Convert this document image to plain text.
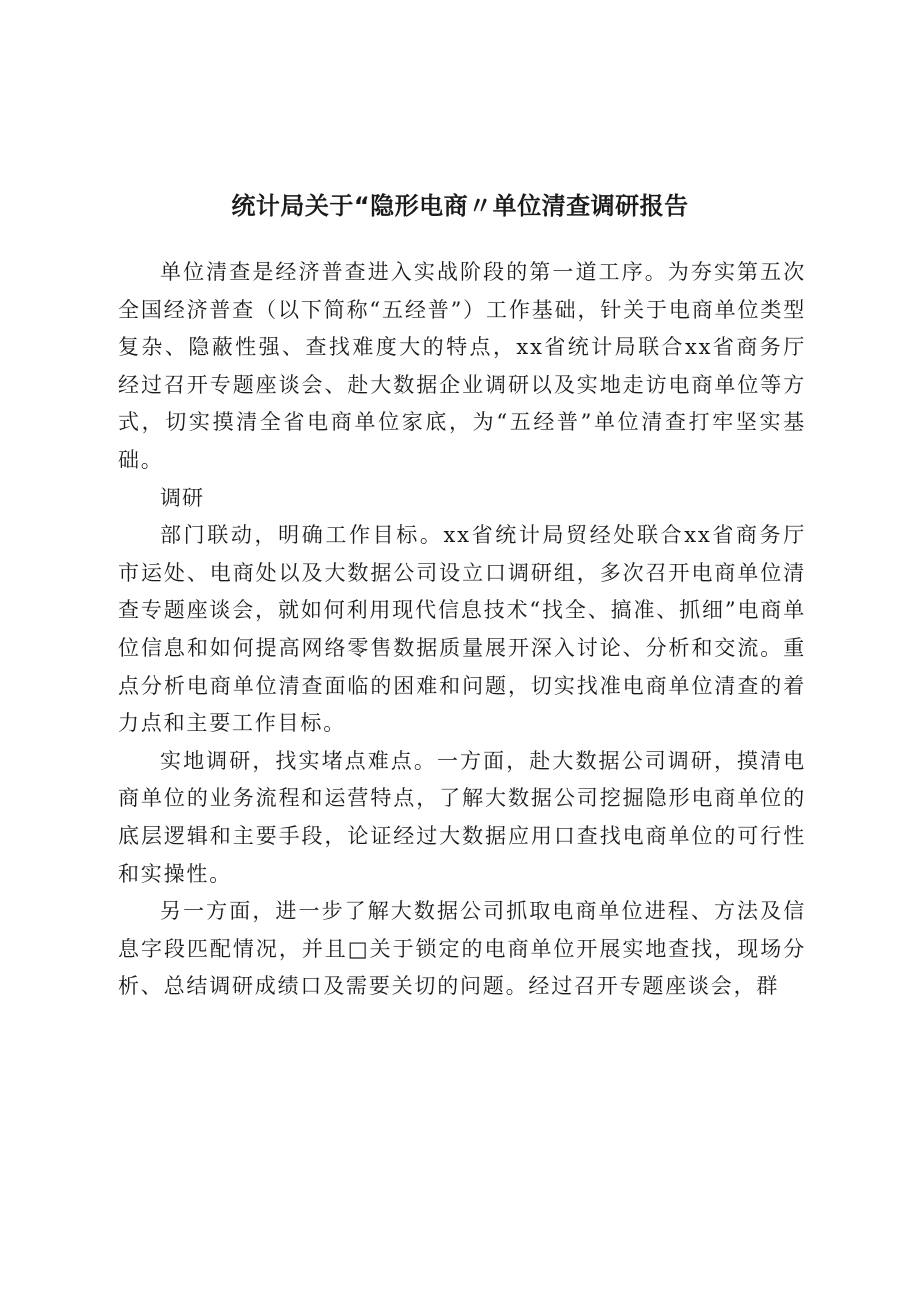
统计局关于“隐形电商〃单位清查调研报告

单位清查是经济普查进入实战阶段的第一道工序。为夯实第五次全国经济普查（以下简称“五经普”）工作基础，针关于电商单位类型复杂、隐蔽性强、查找难度大的特点，xx省统计局联合xx省商务厅经过召开专题座谈会、赴大数据企业调研以及实地走访电商单位等方式，切实摸清全省电商单位家底，为“五经普”单位清查打牢坚实基础。

调研

部门联动，明确工作目标。xx省统计局贸经处联合xx省商务厅市运处、电商处以及大数据公司设立口调研组，多次召开电商单位清查专题座谈会，就如何利用现代信息技术“找全、搞准、抓细”电商单位信息和如何提高网络零售数据质量展开深入讨论、分析和交流。重点分析电商单位清查面临的困难和问题，切实找准电商单位清查的着力点和主要工作目标。

实地调研，找实堵点难点。一方面，赴大数据公司调研，摸清电商单位的业务流程和运营特点，了解大数据公司挖掘隐形电商单位的底层逻辑和主要手段，论证经过大数据应用口查找电商单位的可行性和实操性。

另一方面，进一步了解大数据公司抓取电商单位进程、方法及信息字段匹配情况，并且□关于锁定的电商单位开展实地查找，现场分析、总结调研成绩口及需要关切的问题。经过召开专题座谈会，群
